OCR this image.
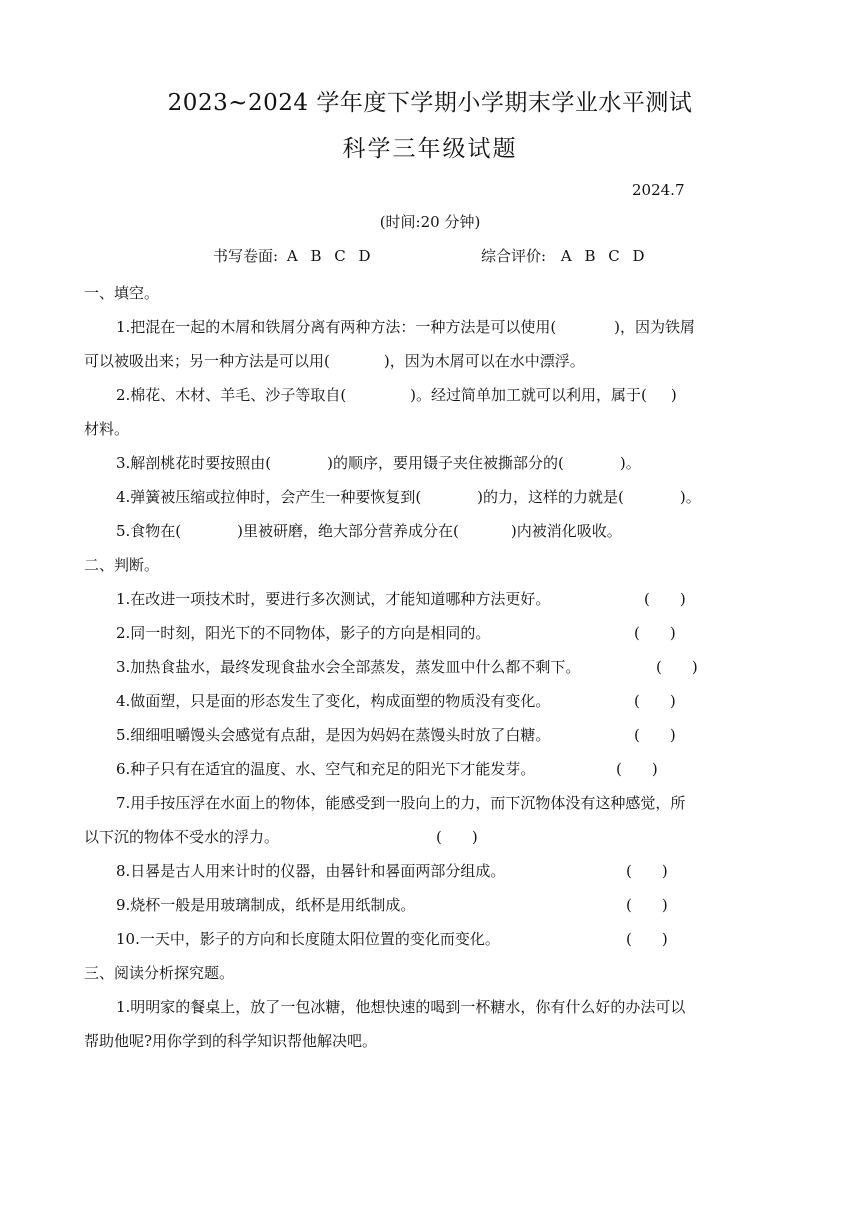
2023~2024 学年度下学期小学期末学业水平测试
科学三年级试题
2024.7
(时间:20 分钟)
书写卷面: A B C D	综合评价: A B C D
一、填空。
1.把混在一起的木屑和铁屑分离有两种方法：一种方法是可以使用(	)，因为铁屑
可以被吸出来；另一种方法是可以用(	)，因为木屑可以在水中漂浮。
2.棉花、木材、羊毛、沙子等取自(	)。经过简单加工就可以利用，属于( )
材料。
3.解剖桃花时要按照由(	)的顺序，要用镊子夹住被撕部分的(	)。
4.弹簧被压缩或拉伸时，会产生一种要恢复到(	)的力，这样的力就是(	)。
5.食物在(	)里被研磨，绝大部分营养成分在(	)内被消化吸收。
二、判断。
1.在改进一项技术时，要进行多次测试，才能知道哪种方法更好。	(　　)
2.同一时刻，阳光下的不同物体，影子的方向是相同的。	(　　)
3.加热食盐水，最终发现食盐水会全部蒸发，蒸发皿中什么都不剩下。	(　　)
4.做面塑，只是面的形态发生了变化，构成面塑的物质没有变化。	(　　)
5.细细咀嚼馒头会感觉有点甜，是因为妈妈在蒸馒头时放了白糖。	(　　)
6.种子只有在适宜的温度、水、空气和充足的阳光下才能发芽。	(　　)
7.用手按压浮在水面上的物体，能感受到一股向上的力，而下沉物体没有这种感觉，所
以下沉的物体不受水的浮力。	(　　)
8.日晷是古人用来计时的仪器，由晷针和晷面两部分组成。	(　　)
9.烧杯一般是用玻璃制成，纸杯是用纸制成。	(　　)
10.一天中，影子的方向和长度随太阳位置的变化而变化。	(　　)
三、阅读分析探究题。
1.明明家的餐桌上，放了一包冰糖，他想快速的喝到一杯糖水，你有什么好的办法可以
帮助他呢?用你学到的科学知识帮他解决吧。
